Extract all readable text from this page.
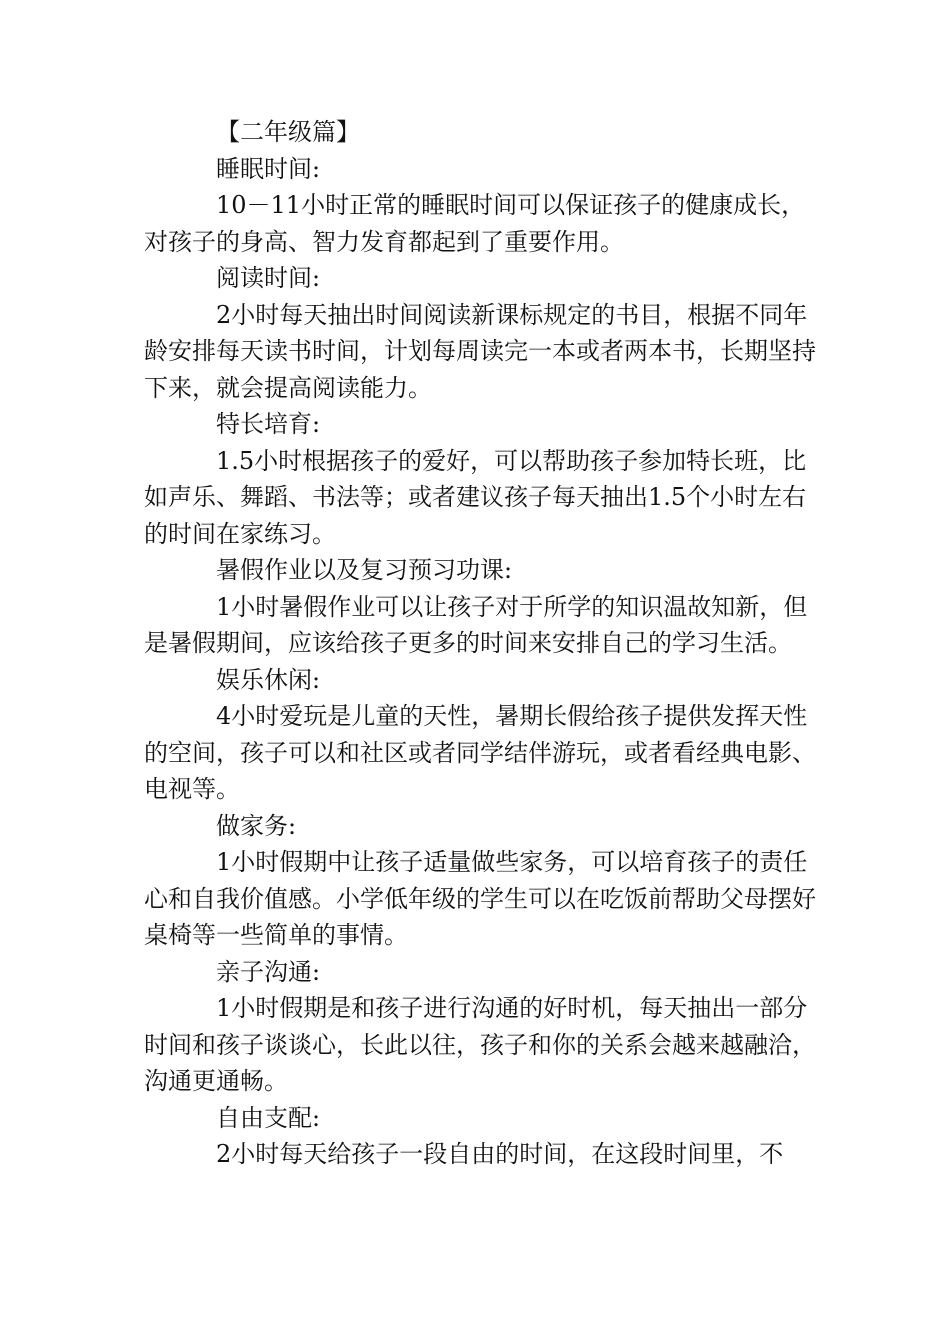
【二年级篇】

睡眠时间:

10－11小时正常的睡眠时间可以保证孩子的健康成长，对孩子的身高、智力发育都起到了重要作用。

阅读时间:

2小时每天抽出时间阅读新课标规定的书目，根据不同年龄安排每天读书时间，计划每周读完一本或者两本书，长期坚持下来，就会提高阅读能力。

特长培育:

1.5小时根据孩子的爱好，可以帮助孩子参加特长班，比如声乐、舞蹈、书法等；或者建议孩子每天抽出1.5个小时左右的时间在家练习。

暑假作业以及复习预习功课:

1小时暑假作业可以让孩子对于所学的知识温故知新，但是暑假期间，应该给孩子更多的时间来安排自己的学习生活。

娱乐休闲:

4小时爱玩是儿童的天性，暑期长假给孩子提供发挥天性的空间，孩子可以和社区或者同学结伴游玩，或者看经典电影、电视等。

做家务:

1小时假期中让孩子适量做些家务，可以培育孩子的责任心和自我价值感。小学低年级的学生可以在吃饭前帮助父母摆好桌椅等一些简单的事情。

亲子沟通:

1小时假期是和孩子进行沟通的好时机，每天抽出一部分时间和孩子谈谈心，长此以往，孩子和你的关系会越来越融洽，沟通更通畅。

自由支配:

2小时每天给孩子一段自由的时间，在这段时间里，不
